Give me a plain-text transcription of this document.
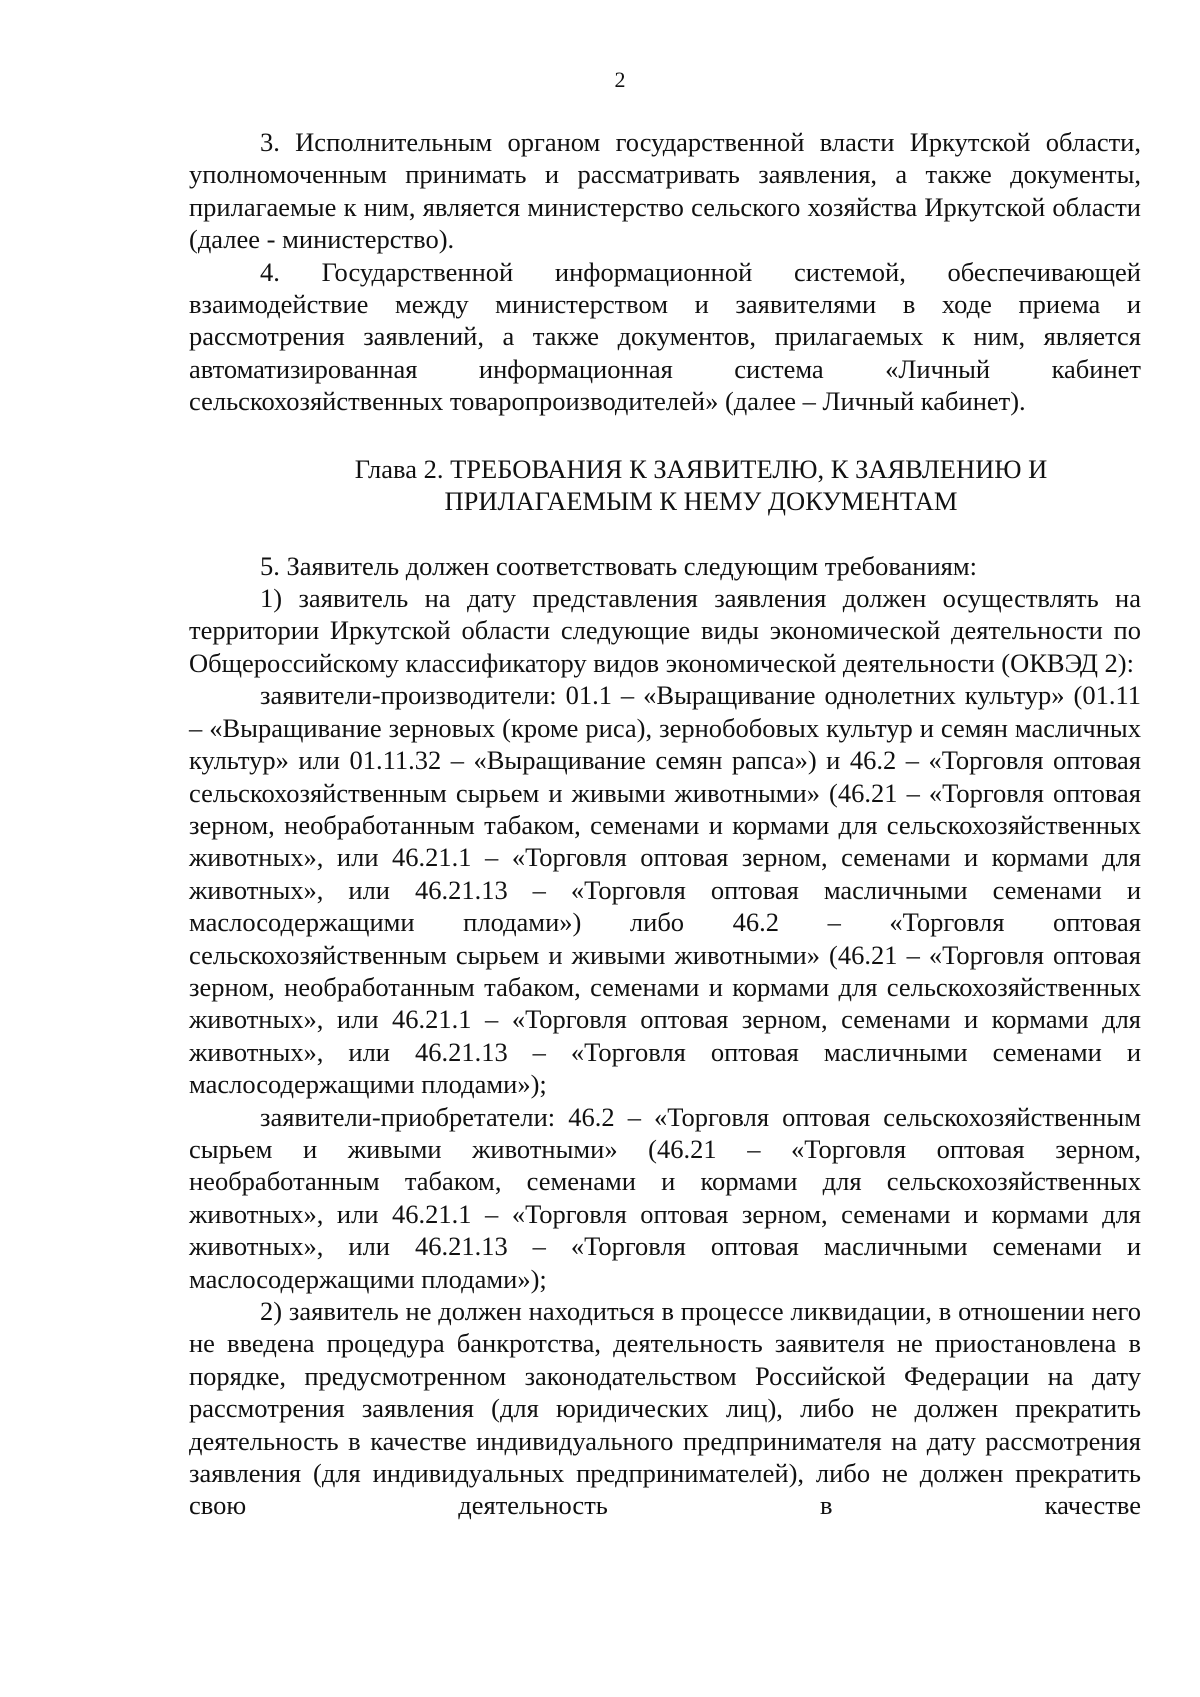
2

3. Исполнительным органом государственной власти Иркутской области, уполномоченным принимать и рассматривать заявления, а также документы, прилагаемые к ним, является министерство сельского хозяйства Иркутской области (далее - министерство).

4. Государственной информационной системой, обеспечивающей взаимодействие между министерством и заявителями в ходе приема и рассмотрения заявлений, а также документов, прилагаемых к ним, является автоматизированная информационная система «Личный кабинет сельскохозяйственных товаропроизводителей» (далее – Личный кабинет).

Глава 2. ТРЕБОВАНИЯ К ЗАЯВИТЕЛЮ, К ЗАЯВЛЕНИЮ И
ПРИЛАГАЕМЫМ К НЕМУ ДОКУМЕНТАМ

5. Заявитель должен соответствовать следующим требованиям:

1) заявитель на дату представления заявления должен осуществлять на территории Иркутской области следующие виды экономической деятельности по Общероссийскому классификатору видов экономической деятельности (ОКВЭД 2):

заявители-производители: 01.1 – «Выращивание однолетних культур» (01.11 – «Выращивание зерновых (кроме риса), зернобобовых культур и семян масличных культур» или 01.11.32 – «Выращивание семян рапса») и 46.2 – «Торговля оптовая сельскохозяйственным сырьем и живыми животными» (46.21 – «Торговля оптовая зерном, необработанным табаком, семенами и кормами для сельскохозяйственных животных», или 46.21.1 – «Торговля оптовая зерном, семенами и кормами для животных», или 46.21.13 – «Торговля оптовая масличными семенами и маслосодержащими плодами») либо 46.2 – «Торговля оптовая сельскохозяйственным сырьем и живыми животными» (46.21 – «Торговля оптовая зерном, необработанным табаком, семенами и кормами для сельскохозяйственных животных», или 46.21.1 – «Торговля оптовая зерном, семенами и кормами для животных», или 46.21.13 – «Торговля оптовая масличными семенами и маслосодержащими плодами»);

заявители-приобретатели: 46.2 – «Торговля оптовая сельскохозяйственным сырьем и живыми животными» (46.21 – «Торговля оптовая зерном, необработанным табаком, семенами и кормами для сельскохозяйственных животных», или 46.21.1 – «Торговля оптовая зерном, семенами и кормами для животных», или 46.21.13 – «Торговля оптовая масличными семенами и маслосодержащими плодами»);

2) заявитель не должен находиться в процессе ликвидации, в отношении него не введена процедура банкротства, деятельность заявителя не приостановлена в порядке, предусмотренном законодательством Российской Федерации на дату рассмотрения заявления (для юридических лиц), либо не должен прекратить деятельность в качестве индивидуального предпринимателя на дату рассмотрения заявления (для индивидуальных предпринимателей), либо не должен прекратить свою деятельность в качестве
